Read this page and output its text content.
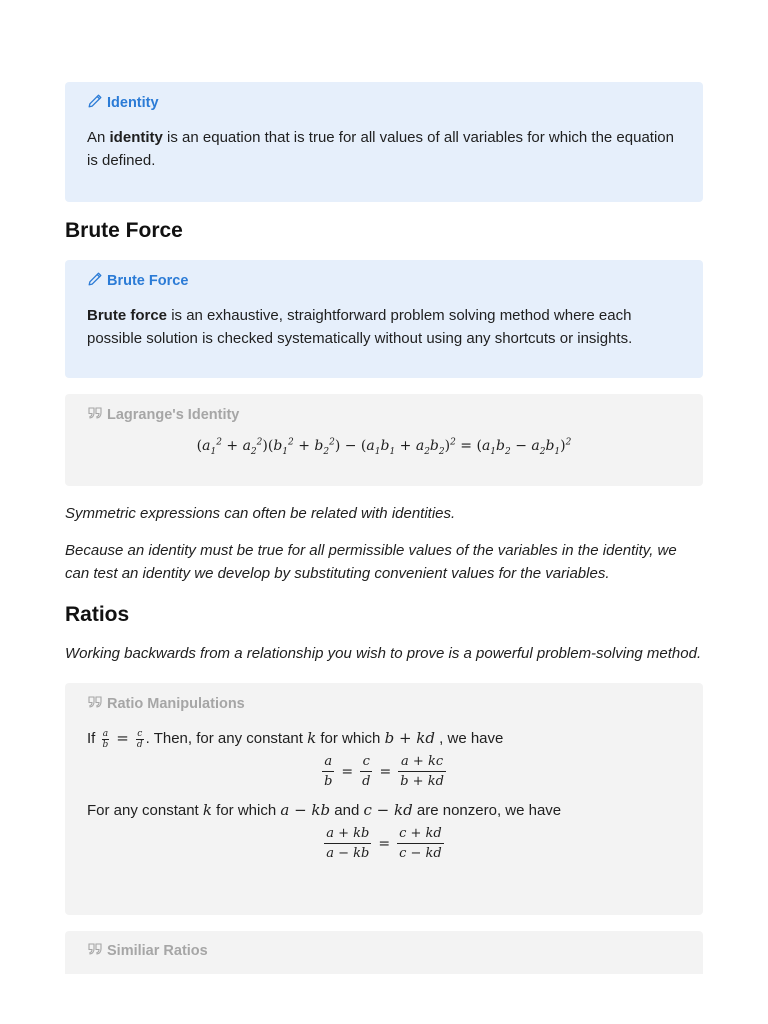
Identity
An identity is an equation that is true for all values of all variables for which the equation is defined.
Brute Force
Brute Force
Brute force is an exhaustive, straightforward problem solving method where each possible solution is checked systematically without using any shortcuts or insights.
Lagrange's Identity
$(a_1^2 + a_2^2)(b_1^2 + b_2^2) - (a_1b_1 + a_2b_2)^2 = (a_1b_2 - a_2b_1)^2$

Symmetric expressions can often be related with identities.

Because an identity must be true for all permissible values of the variables in the identity, we can test an identity we develop by substituting convenient values for the variables.

Ratios

Working backwards from a relationship you wish to prove is a powerful problem-solving method.

Ratio Manipulations
If $\frac{a}{b} = \frac{c}{d}$ . Then, for any constant k for which b + kd , we have
$\frac{a}{b} = \frac{c}{d} = \frac{a + kc}{b + kd}$
For any constant k for which a − kb and c − kd are nonzero, we have
$\frac{a + kb}{a - kb} = \frac{c + kd}{c - kd}$
Similiar Ratios
